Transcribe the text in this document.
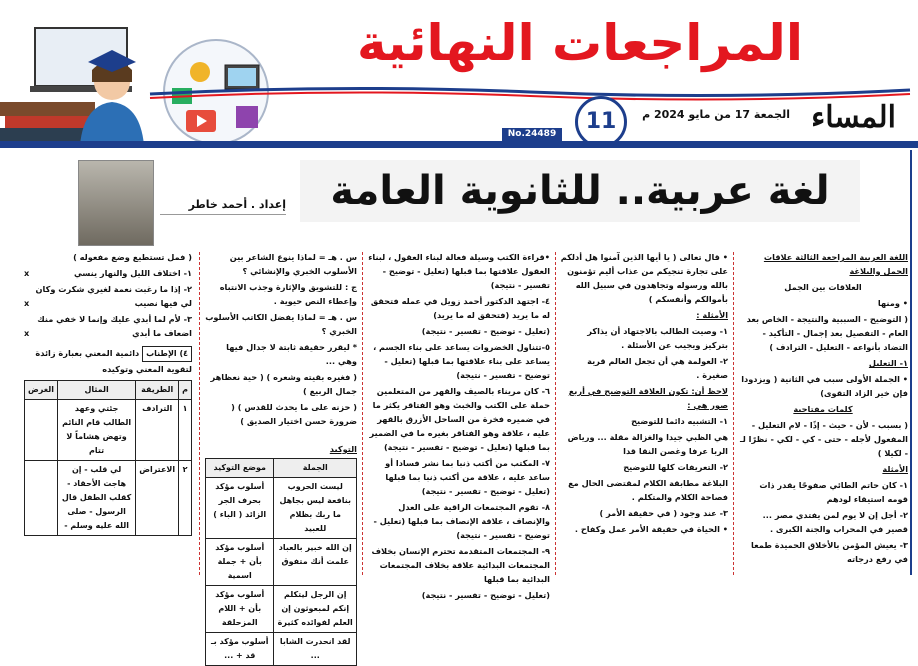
المراجعات النهائية
المساء
الجمعة 17 من مايو 2024 م
11
No.24489
لغة عربية.. للثانوية العامة
إعداد . أحمد خاطر

اللغة العربية المراجعة الثالثة علاقات الجمل والبلاغة

العلاقات بين الجمل

• ومنها

( التوضيح - السببية والنتيجة - الخاص بعد العام - التفصيل بعد إجمال - التأكيد - التضاد بأنواعه - التعليل - الترادف )

١- التعليل

• الجملة الأولى سبب في الثانية ( ويزدودا فإن خير الزاد التقوى)

كلمات مفتاحية

( بسبب - لأن - حيث - إذًا - لام التعليل - المفعول لأجله - حتى - كي - لكي - نظرًا لـ - لكيلا )

الأمثلة

١- كان حاتم الطائي صفوحًا يقدر ذات قومه استيقاء لودهم

٢- أجل إن لا يوم لمن يفتدي مصر ... قصير في المحراب والجنة الكبرى .

٣- يعيش المؤمن بالأخلاق الحميدة طمعا في رفع درجاته

• قال تعالى ( يا أيها الذين آمنوا هل أدلكم على تجارة تنجيكم من عذاب أليم تؤمنون بالله ورسوله وتجاهدون في سبيل الله بأموالكم وأنفسكم )

الأمثلة :

١- وصيت الطالب بالاجتهاد أن يذاكر بتركيز ويجيب عن الأسئلة .

٢- العولمة هي أن تجعل العالم قرية صغيرة .

لاحظ أن: تكون العلاقة التوضيح في أربع صور هي :

١- التشبيه دائما للتوضيح

هي الظبي جيدا والغزالة مقلة ... ورياض الربا عرفا وغصن النقا قدا

٢- التعريفات كلها للتوضيح

البلاغة مطابقة الكلام لمقتضى الحال مع فصاحة الكلام والمتكلم .

٣- عند وجود ( في حقيقة الأمر )

• الحياة في حقيقة الأمر عمل وكفاح .

•قراءة الكتب وسيلة فعالة لبناء العقول ، لبناء العقول علاقتها بما قبلها (تعليل - توضيح - تفسير - نتيجة)

٤- اجتهد الدكتور أحمد زويل في عمله فتحقق له ما يريد (فتحقق له ما يريد)

(تعليل - توضيح - تفسير - نتيجة)

٥-تتناول الخضروات يساعد على بناء الجسم ، يساعد على بناء علاقتها بما قبلها (تعليل - توضيح - تفسير - نتيجة)

٦- كان مريناء بالصيف والقهر من المتعلمين حملة على الكتب والخبث وهو الفتاقر يكثر ما في ضميره فخرة من الساحل الأزرق بالقهر عليه ، علاقة وهو الفتاقر بغيره ما في الضمير بما قبلها (تعليل - توضيح - تفسير - نتيجة)

٧- المكتب من أكتب ذنبا بما نشر فسادا أو ساعد عليه ، علاقة من أكتب ذنبا بما قبلها (تعليل - توضيح - تفسير - نتيجة)

٨- تقوم المجتمعات الراقية على العدل والإنصاف ، علاقة الإنصاف بما قبلها (تعليل - توضيح - تفسير - نتيجة)

٩- المجتمعات المتقدمة تحترم الإنسان بخلاف المجتمعات البدائية علاقة بخلاف المجتمعات البدائية بما قبلها

(تعليل - توضيح - تفسير - نتيجة)

س . هـ = لماذا ينوع الشاعر بين الأسلوب الخبري والإنشائي ؟

ج : للتشويق والإثارة وجذب الانتباه وإعطاء النص حيوية .

س . هـ = لماذا يفضل الكاتب الأسلوب الخبري ؟

* ليقرر حقيقة ثابتة لا جدال فيها وهي ...

( فغيره بقيته وشعره ) ( حية نعظاهر جمال الربيع )

( حزنه على ما يحدث للقدس ) ( ضرورة حسن اختيار الصديق )

التوكيد

الجملة	موضع التوكيد
ليست الحروب بنافعة ليس بجاهل ما ربك بظلام للعبيد	أسلوب مؤكد بحرف الجر الزائد ( الباء )
إن الله خبير بالعباد علمت أنك متفوق	أسلوب مؤكد بأن + جملة اسمية
إن الرجل ليتكلم إنكم لمبعوثون إن العلم لفوائده كثيرة	أسلوب مؤكد بأن + اللام المزحلقة
لقد انحدرت الشابا ...	أسلوب مؤكد بـ قد + ...

( فمل تستطيع وضع مفعوله )

١- اختلاف الليل والنهار ينسي
x

٢- إذا ما رغبت نعمة لغيري شكرت وكان لي فيها نصيب
x

٣- لأم لما أبدي عليك وإنما لا خفي منك اضعاف ما أبدي
x

٤) الإطناب دائمية المعني بعبارة زائدة لتقوية المعني وتوكيده

م	الطريقة	المثال	الغرض
١	الترادف	جئتي وعهد الطالب قام النائم وتهض هشاماً لا تتام	
٢	الاعتراض	لي قلب - إن هاجت الأحقاد - كقلب الطفل قال الرسول - صلى الله عليه وسلم -	
